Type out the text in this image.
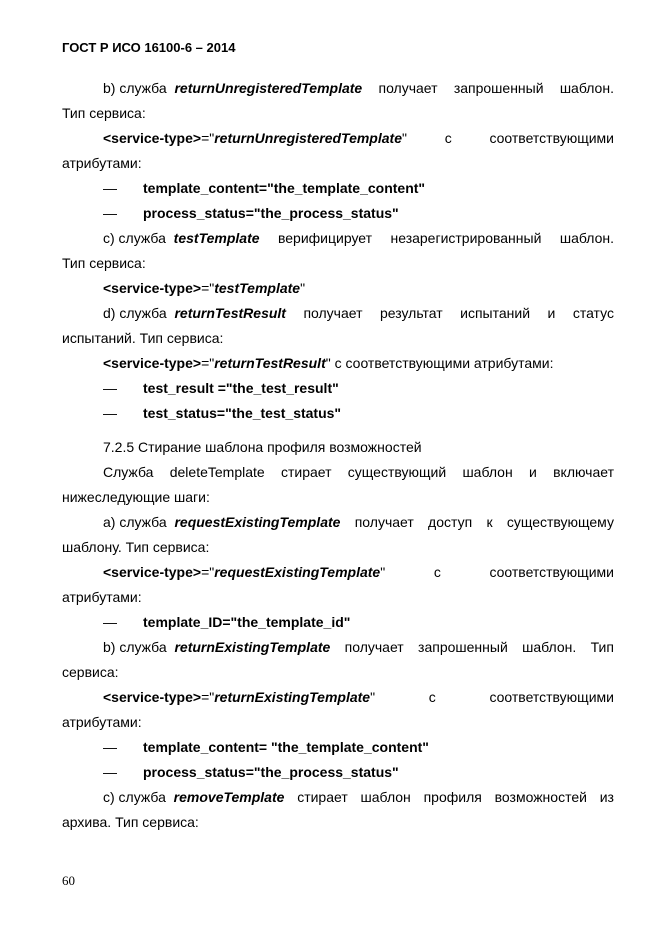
ГОСТ Р ИСО 16100-6 – 2014
b) служба returnUnregisteredTemplate получает запрошенный шаблон.
Тип сервиса:
<service-type>="returnUnregisteredTemplate"	с	соответствующими
атрибутами:
— template_content="the_template_content"
— process_status="the_process_status"
c) служба testTemplate верифицирует незарегистрированный шаблон.
Тип сервиса:
<service-type>="testTemplate"
d) служба returnTestResult получает результат испытаний и статус
испытаний. Тип сервиса:
<service-type>="returnTestResult" с соответствующими атрибутами:
— test_result ="the_test_result"
— test_status="the_test_status"
7.2.5 Стирание шаблона профиля возможностей
Служба deleteTemplate стирает существующий шаблон и включает
нижеследующие шаги:
a) служба requestExistingTemplate получает доступ к существующему
шаблону. Тип сервиса:
<service-type>="requestExistingTemplate"	с	соответствующими
атрибутами:
— template_ID="the_template_id"
b) служба returnExistingTemplate получает запрошенный шаблон. Тип
сервиса:
<service-type>="returnExistingTemplate"	с	соответствующими
атрибутами:
— template_content= "the_template_content"
— process_status="the_process_status"
c) служба removeTemplate стирает шаблон профиля возможностей из
архива. Тип сервиса:
60
